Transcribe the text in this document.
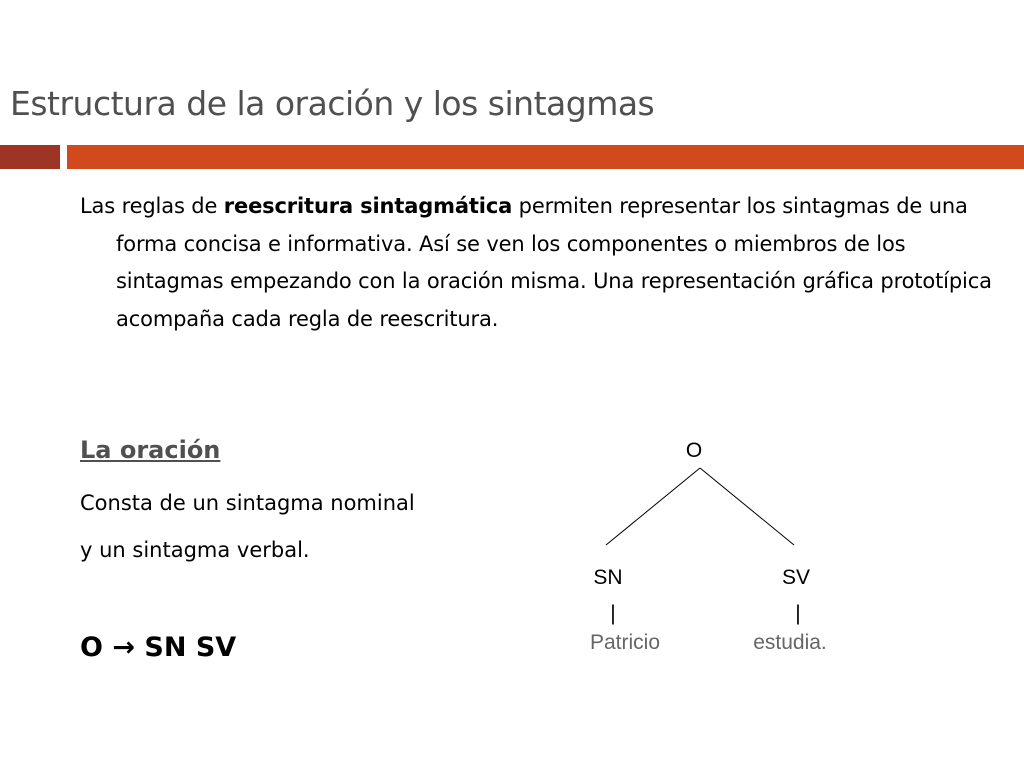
Estructura de la oración y los sintagmas
Las reglas de reescritura sintagmática permiten representar los sintagmas de una forma concisa e informativa. Así se ven los componentes o miembros de los sintagmas empezando con la oración misma. Una representación gráfica prototípica acompaña cada regla de reescritura.
La oración
Consta de un sintagma nominal
y un sintagma verbal.
O → SN SV
O
SN	SV
|	|
Patricio	estudia.
